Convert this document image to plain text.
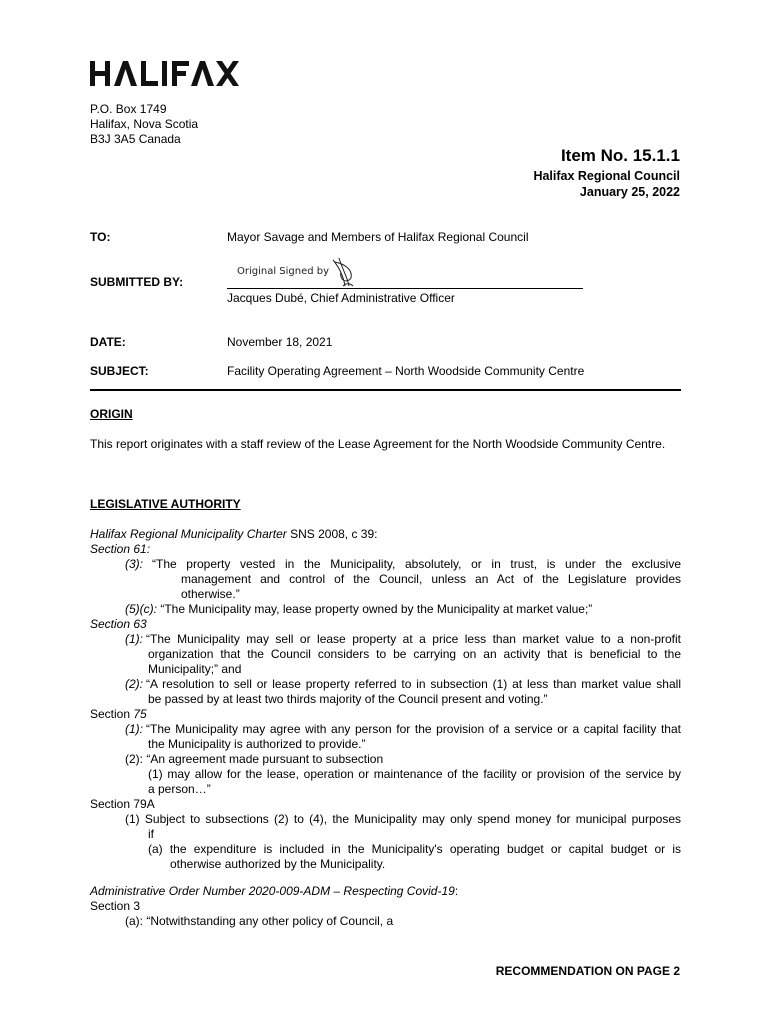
P.O. Box 1749
Halifax, Nova Scotia
B3J 3A5 Canada
Item No. 15.1.1
Halifax Regional Council
January 25, 2022
TO:	Mayor Savage and Members of Halifax Regional Council
SUBMITTED BY:
Original Signed by
Jacques Dubé, Chief Administrative Officer
DATE:	November 18, 2021
SUBJECT:	Facility Operating Agreement – North Woodside Community Centre
ORIGIN
This report originates with a staff review of the Lease Agreement for the North Woodside Community Centre.
LEGISLATIVE AUTHORITY
Halifax Regional Municipality Charter SNS 2008, c 39:
Section 61:
(3): “The property vested in the Municipality, absolutely, or in trust, is under the exclusive
management and control of the Council, unless an Act of the Legislature provides
otherwise.”
(5)(c): “The Municipality may, lease property owned by the Municipality at market value;”
Section 63
(1): “The Municipality may sell or lease property at a price less than market value to a non-profit
organization that the Council considers to be carrying on an activity that is beneficial to the
Municipality;” and
(2): “A resolution to sell or lease property referred to in subsection (1) at less than market value shall
be passed by at least two thirds majority of the Council present and voting.”
Section 75
(1): “The Municipality may agree with any person for the provision of a service or a capital facility that
the Municipality is authorized to provide.”
(2): “An agreement made pursuant to subsection
(1) may allow for the lease, operation or maintenance of the facility or provision of the service by
a person…”
Section 79A
(1) Subject to subsections (2) to (4), the Municipality may only spend money for municipal purposes
if
(a) the expenditure is included in the Municipality's operating budget or capital budget or is
otherwise authorized by the Municipality.
Administrative Order Number 2020-009-ADM – Respecting Covid-19:
Section 3
(a): “Notwithstanding any other policy of Council, a
RECOMMENDATION ON PAGE 2
